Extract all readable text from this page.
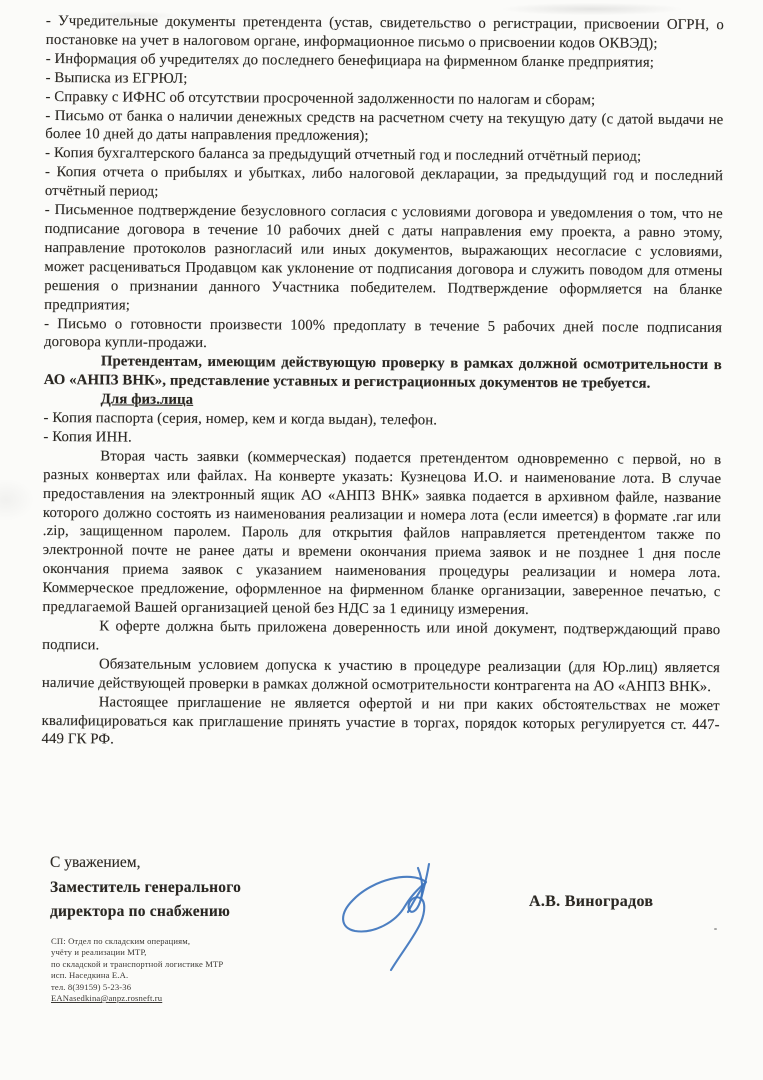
- Учредительные документы претендента (устав, свидетельство о регистрации, присвоении ОГРН, о постановке на учет в налоговом органе, информационное письмо о присвоении кодов ОКВЭД);

- Информация об учредителях до последнего бенефициара на фирменном бланке предприятия;

- Выписка из ЕГРЮЛ;

- Справку с ИФНС об отсутствии просроченной задолженности по налогам и сборам;

- Письмо от банка о наличии денежных средств на расчетном счету на текущую дату (с датой выдачи не более 10 дней до даты направления предложения);

- Копия бухгалтерского баланса за предыдущий отчетный год и последний отчётный период;

- Копия отчета о прибылях и убытках, либо налоговой декларации, за предыдущий год и последний отчётный период;

- Письменное подтверждение безусловного согласия с условиями договора и уведомления о том, что не подписание договора в течение 10 рабочих дней с даты направления ему проекта, а равно этому, направление протоколов разногласий или иных документов, выражающих несогласие с условиями, может расцениваться Продавцом как уклонение от подписания договора и служить поводом для отмены решения о признании данного Участника победителем. Подтверждение оформляется на бланке предприятия;

- Письмо о готовности произвести 100% предоплату в течение 5 рабочих дней после подписания договора купли-продажи.

Претендентам, имеющим действующую проверку в рамках должной осмотрительности в АО «АНПЗ ВНК», представление уставных и регистрационных документов не требуется.

Для физ.лица

- Копия паспорта (серия, номер, кем и когда выдан), телефон.

- Копия ИНН.

Вторая часть заявки (коммерческая) подается претендентом одновременно с первой, но в разных конвертах или файлах. На конверте указать: Кузнецова И.О. и наименование лота. В случае предоставления на электронный ящик АО «АНПЗ ВНК» заявка подается в архивном файле, название которого должно состоять из наименования реализации и номера лота (если имеется) в формате .rar или .zip, защищенном паролем. Пароль для открытия файлов направляется претендентом также по электронной почте не ранее даты и времени окончания приема заявок и не позднее 1 дня после окончания приема заявок с указанием наименования процедуры реализации и номера лота. Коммерческое предложение, оформленное на фирменном бланке организации, заверенное печатью, с предлагаемой Вашей организацией ценой без НДС за 1 единицу измерения.

К оферте должна быть приложена доверенность или иной документ, подтверждающий право подписи.

Обязательным условием допуска к участию в процедуре реализации (для Юр.лиц) является наличие действующей проверки в рамках должной осмотрительности контрагента на АО «АНПЗ ВНК».

Настоящее приглашение не является офертой и ни при каких обстоятельствах не может квалифицироваться как приглашение принять участие в торгах, порядок которых регулируется ст. 447-449 ГК РФ.

С уважением,
Заместитель генерального
директора по снабжению
А.В. Виноградов
СП: Отдел по складским операциям,
учёту и реализации МТР,
по складской и транспортной логистике МТР
исп. Наседкина Е.А.
тел. 8(39159) 5-23-36
EANasedkina@anpz.rosneft.ru
